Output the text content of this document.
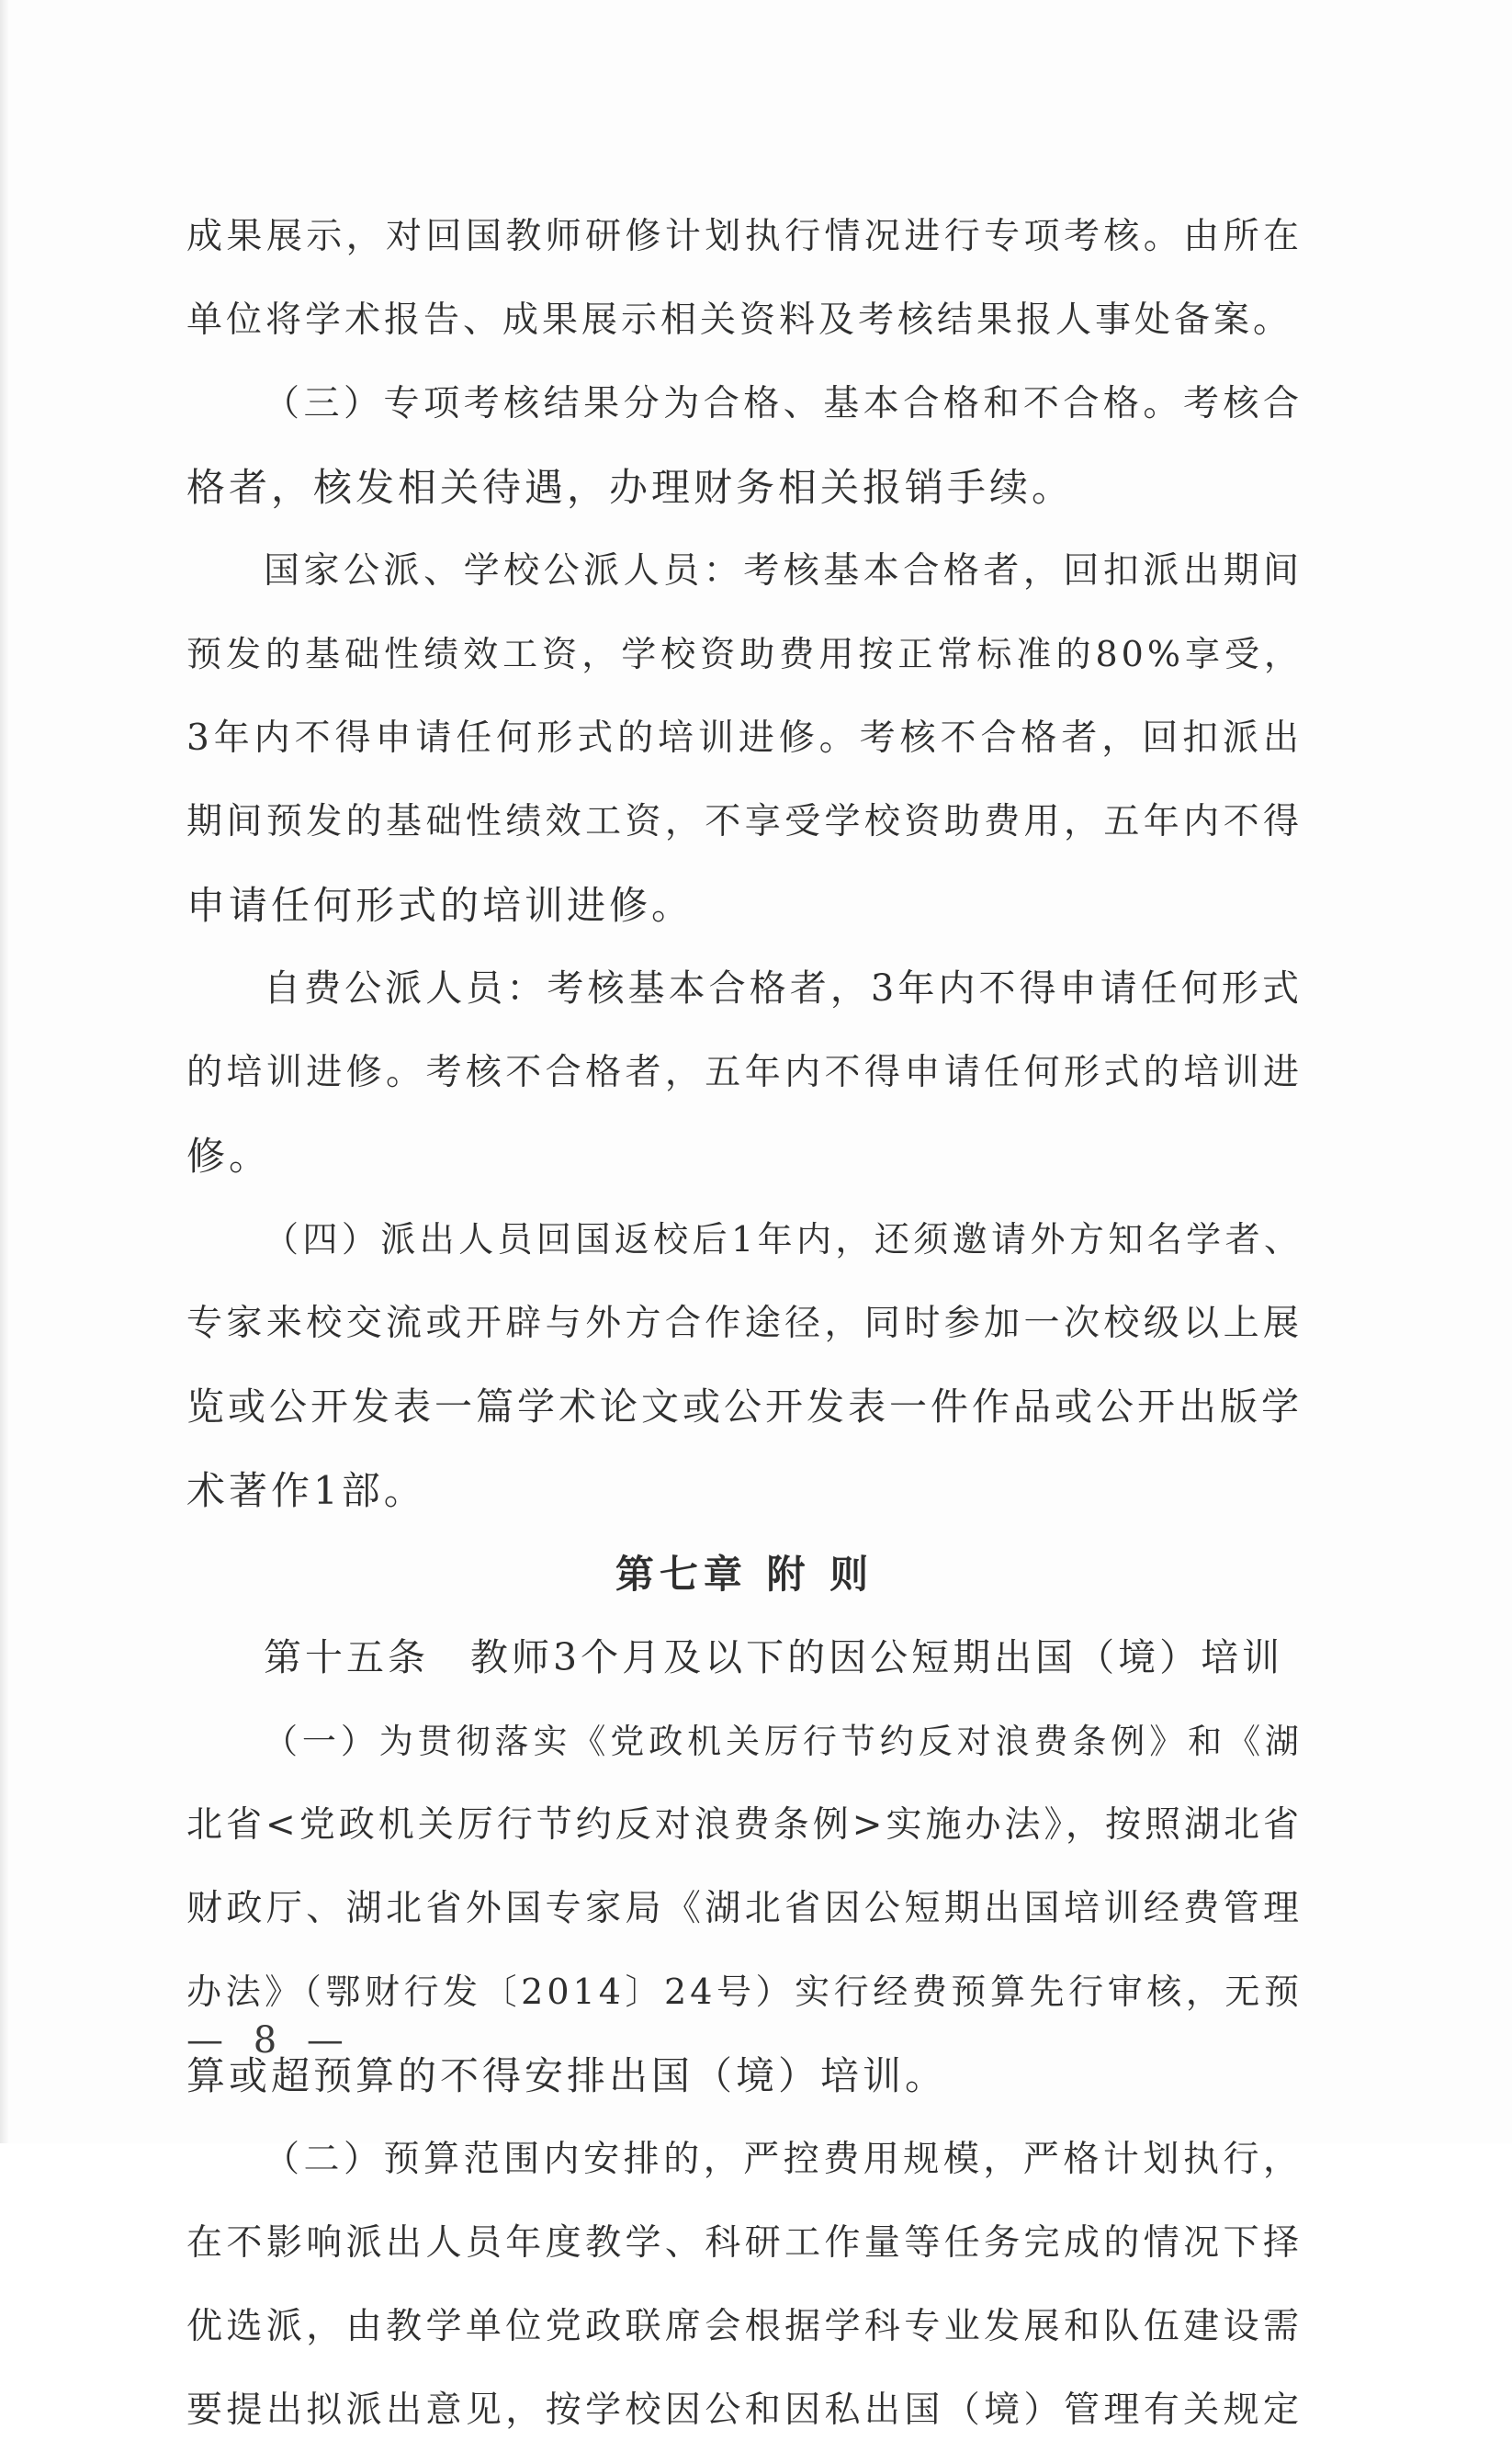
成果展示，对回国教师研修计划执行情况进行专项考核。由所在
单位将学术报告、成果展示相关资料及考核结果报人事处备案。
（三）专项考核结果分为合格、基本合格和不合格。考核合
格者，核发相关待遇，办理财务相关报销手续。
国家公派、学校公派人员：考核基本合格者，回扣派出期间
预发的基础性绩效工资，学校资助费用按正常标准的80%享受，
3年内不得申请任何形式的培训进修。考核不合格者，回扣派出
期间预发的基础性绩效工资，不享受学校资助费用，五年内不得
申请任何形式的培训进修。
自费公派人员：考核基本合格者，3年内不得申请任何形式
的培训进修。考核不合格者，五年内不得申请任何形式的培训进
修。
（四）派出人员回国返校后1年内，还须邀请外方知名学者、
专家来校交流或开辟与外方合作途径，同时参加一次校级以上展
览或公开发表一篇学术论文或公开发表一件作品或公开出版学
术著作1部。
第七章 附 则
第十五条　教师3个月及以下的因公短期出国（境）培训
（一）为贯彻落实《党政机关厉行节约反对浪费条例》和《湖
北省<党政机关厉行节约反对浪费条例>实施办法》，按照湖北省
财政厅、湖北省外国专家局《湖北省因公短期出国培训经费管理
办法》（鄂财行发〔2014〕24号）实行经费预算先行审核，无预
算或超预算的不得安排出国（境）培训。
（二）预算范围内安排的，严控费用规模，严格计划执行，
在不影响派出人员年度教学、科研工作量等任务完成的情况下择
优选派，由教学单位党政联席会根据学科专业发展和队伍建设需
要提出拟派出意见，按学校因公和因私出国（境）管理有关规定
— 8 —
